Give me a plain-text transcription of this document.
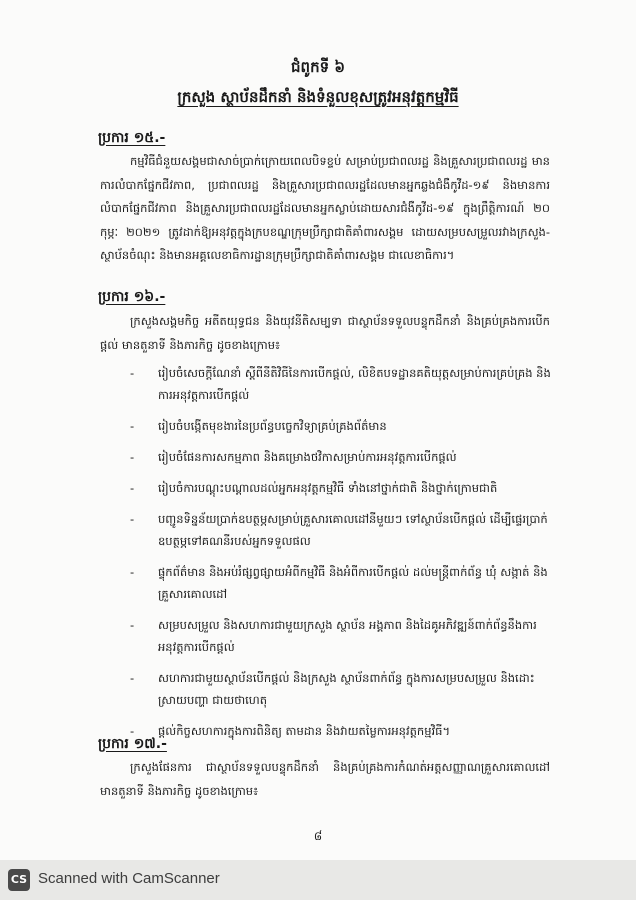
ជំពូកទី ៦
ក្រសួង ស្ថាប័នដឹកនាំ និងទំនួលខុសត្រូវអនុវត្តកម្មវិធី
ប្រការ ១៥.-
កម្មវិធីជំនួយសង្គមជាសាច់ប្រាក់ក្រោយពេលបិទខ្ទប់ សម្រាប់ប្រជាពលរដ្ឋ និងគ្រួសារប្រជាពលរដ្ឋ មានការលំបាកផ្នែកជីវភាព, ប្រជាពលរដ្ឋ និងគ្រួសារប្រជាពលរដ្ឋដែលមានអ្នកឆ្លងជំងឺកូវីដ-១៩ និងមានការលំបាកផ្នែកជីវភាព និងគ្រួសារប្រជាពលរដ្ឋដែលមានអ្នកស្លាប់ដោយសារជំងឺកូវីដ-១៩ ក្នុងព្រឹត្តិការណ៍ ២០ កុម្ភៈ ២០២១ ត្រូវដាក់ឱ្យអនុវត្តក្នុងក្របខណ្ឌក្រុមប្រឹក្សាជាតិគាំពារសង្គម ដោយសម្របសម្រួលរវាងក្រសួង-ស្ថាប័នចំណុះ និងមានអគ្គលេខាធិការដ្ឋានក្រុមប្រឹក្សាជាតិគាំពារសង្គម ជាលេខាធិការ។
ប្រការ ១៦.-
ក្រសួងសង្គមកិច្ច អតីតយុទ្ធជន និងយុវនីតិសម្បទា ជាស្ថាប័នទទួលបន្ទុកដឹកនាំ និងគ្រប់គ្រងការបើកផ្តល់ មានតួនាទី និងភារកិច្ច ដូចខាងក្រោម៖
- រៀបចំសេចក្តីណែនាំ ស្តីពីនីតិវិធីនៃការបើកផ្តល់, លិខិតបទដ្ឋានគតិយុត្តសម្រាប់ការគ្រប់គ្រង និងការអនុវត្តការបើកផ្តល់
- រៀបចំបង្កើតមុខងារនៃប្រព័ន្ធបច្ចេកវិទ្យាគ្រប់គ្រងព័ត៌មាន
- រៀបចំផែនការសកម្មភាព និងគម្រោងថវិកាសម្រាប់ការអនុវត្តការបើកផ្តល់
- រៀបចំការបណ្តុះបណ្តាលដល់អ្នកអនុវត្តកម្មវិធី ទាំងនៅថ្នាក់ជាតិ និងថ្នាក់ក្រោមជាតិ
- បញ្ជូនទិន្នន័យប្រាក់ឧបត្ថម្ភសម្រាប់គ្រួសារគោលដៅនីមួយៗ ទៅស្ថាប័នបើកផ្តល់ ដើម្បីផ្ទេរប្រាក់ឧបត្ថម្ភទៅគណនីរបស់អ្នកទទួលផល
- ផ្ទុកព័ត៌មាន និងអប់រំផ្សព្វផ្សាយអំពីកម្មវិធី និងអំពីការបើកផ្តល់ ដល់មន្ត្រីពាក់ព័ន្ធ ឃុំ សង្កាត់ និងគ្រួសារគោលដៅ
- សម្របសម្រួល និងសហការជាមួយក្រសួង ស្ថាប័ន អង្គភាព និងដៃគូអភិវឌ្ឍន៍ពាក់ព័ន្ធនឹងការអនុវត្តការបើកផ្តល់
- សហការជាមួយស្ថាប័នបើកផ្តល់ និងក្រសួង ស្ថាប័នពាក់ព័ន្ធ ក្នុងការសម្របសម្រួល និងដោះស្រាយបញ្ហា ជាយថាហេតុ
- ផ្តល់កិច្ចសហការក្នុងការពិនិត្យ តាមដាន និងវាយតម្លៃការអនុវត្តកម្មវិធី។
ប្រការ ១៧.-
ក្រសួងផែនការ ជាស្ថាប័នទទួលបន្ទុកដឹកនាំ និងគ្រប់គ្រងការកំណត់អត្តសញ្ញាណគ្រួសារគោលដៅ មានតួនាទី និងភារកិច្ច ដូចខាងក្រោម៖
៨
CS Scanned with CamScanner
